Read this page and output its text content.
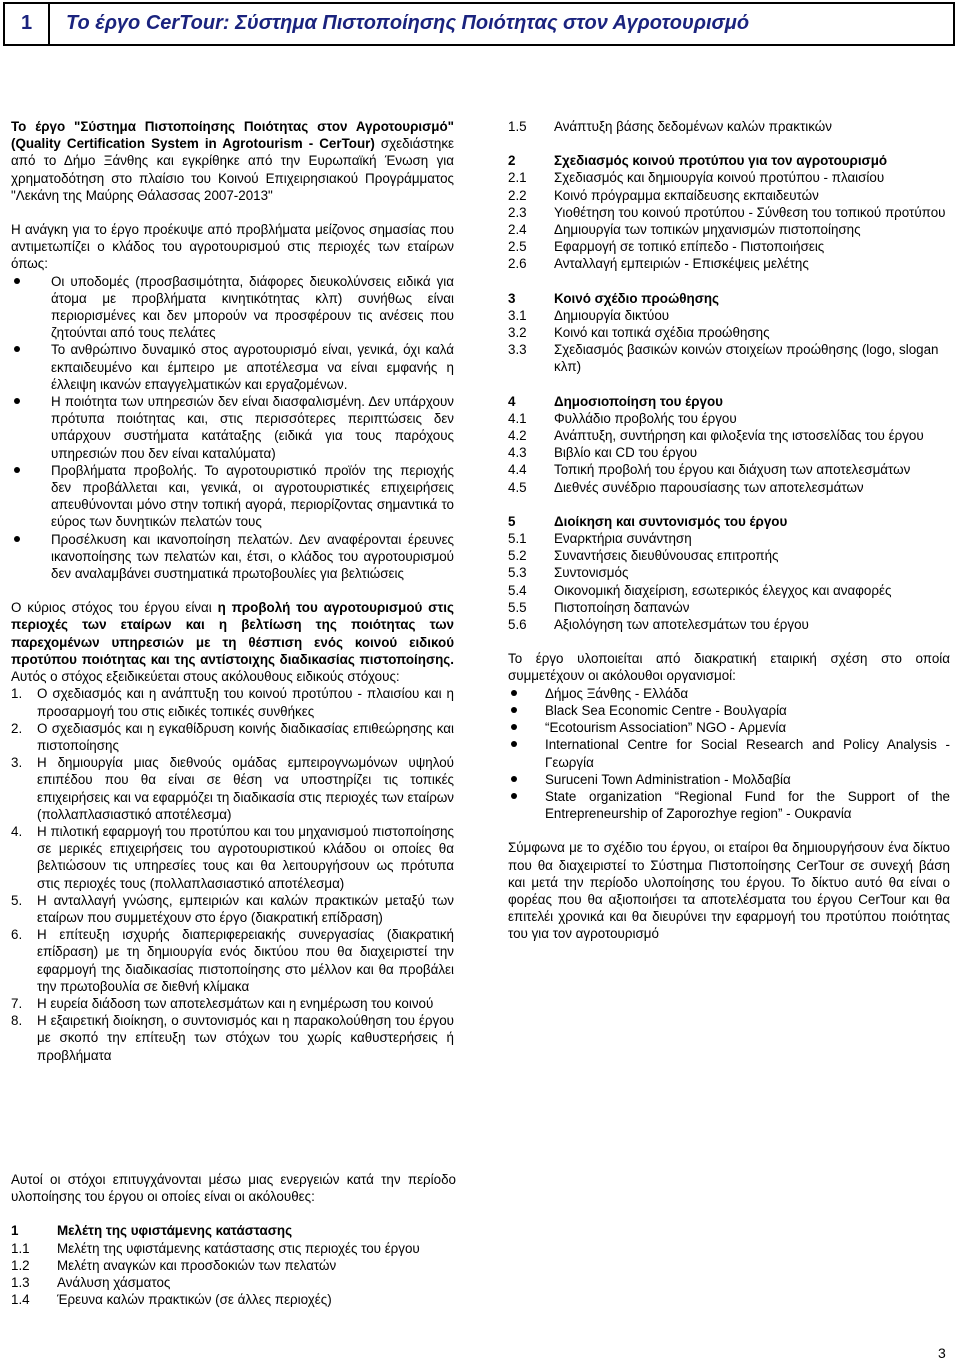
1	Το έργο CerTour: Σύστημα Πιστοποίησης Ποιότητας στον Αγροτουρισμό

Το έργο "Σύστημα Πιστοποίησης Ποιότητας στον Αγροτουρισμό" (Quality Certification System in Agrotourism - CerTour) σχεδιάστηκε από το Δήμο Ξάνθης και εγκρίθηκε από την Ευρωπαϊκή Ένωση για χρηματοδότηση στο πλαίσιο του Κοινού Επιχειρησιακού Προγράμματος "Λεκάνη της Μαύρης Θάλασσας 2007-2013"

Η ανάγκη για το έργο προέκυψε από προβλήματα μείζονος σημασίας που αντιμετωπίζει ο κλάδος του αγροτουρισμού στις περιοχές των εταίρων όπως:

Οι υποδομές (προσβασιμότητα, διάφορες διευκολύνσεις ειδικά για άτομα με προβλήματα κινητικότητας κλπ) συνήθως είναι περιορισμένες και δεν μπορούν να προσφέρουν τις ανέσεις που ζητούνται από τους πελάτες
Το ανθρώπινο δυναμικό στος αγροτουρισμό είναι, γενικά, όχι καλά εκπαιδευμένο και έμπειρο με αποτέλεσμα να είναι εμφανής η έλλειψη ικανών επαγγελματικών και εργαζομένων.
Η ποιότητα των υπηρεσιών δεν είναι διασφαλισμένη. Δεν υπάρχουν πρότυπα ποιότητας και, στις περισσότερες περιπτώσεις δεν υπάρχουν συστήματα κατάταξης (ειδικά για τους παρόχους υπηρεσιών που δεν είναι καταλύματα)
Προβλήματα προβολής. Το αγροτουριστικό προϊόν της περιοχής δεν προβάλλεται και, γενικά, οι αγροτουριστικές επιχειρήσεις απευθύνονται μόνο στην τοπική αγορά, περιορίζοντας σημαντικά το εύρος των δυνητικών πελατών τους
Προσέλκυση και ικανοποίηση πελατών. Δεν αναφέρονται έρευνες ικανοποίησης των πελατών και, έτσι, ο κλάδος του αγροτουρισμού δεν αναλαμβάνει συστηματικά πρωτοβουλίες για βελτιώσεις

Ο κύριος στόχος του έργου είναι η προβολή του αγροτουρισμού στις περιοχές των εταίρων και η βελτίωση της ποιότητας των παρεχομένων υπηρεσιών με τη θέσπιση ενός κοινού ειδικού προτύπου ποιότητας και της αντίστοιχης διαδικασίας πιστοποίησης. Αυτός ο στόχος εξειδικεύεται στους ακόλουθους ειδικούς στόχους:

1.	Ο σχεδιασμός και η ανάπτυξη του κοινού προτύπου - πλαισίου και η προσαρμογή του στις ειδικές τοπικές συνθήκες
2.	Ο σχεδιασμός και η εγκαθίδρυση κοινής διαδικασίας επιθεώρησης και πιστοποίησης
3.	Η δημιουργία μιας διεθνούς ομάδας εμπειρογνωμόνων υψηλού επιπέδου που θα είναι σε θέση να υποστηρίζει τις τοπικές επιχειρήσεις και να εφαρμόζει τη διαδικασία στις περιοχές των εταίρων (πολλαπλασιαστικό αποτέλεσμα)
4.	Η πιλοτική εφαρμογή του προτύπου και του μηχανισμού πιστοποίησης σε μερικές επιχειρήσεις του αγροτουριστικού κλάδου οι οποίες θα βελτιώσουν τις υπηρεσίες τους και θα λειτουργήσουν ως πρότυπα στις περιοχές τους (πολλαπλασιαστικό αποτέλεσμα)
5.	Η ανταλλαγή γνώσης, εμπειριών και καλών πρακτικών μεταξύ των εταίρων που συμμετέχουν στο έργο (διακρατική επίδραση)
6.	Η επίτευξη ισχυρής διαπεριφερειακής συνεργασίας (διακρατική επίδραση) με τη δημιουργία ενός δικτύου που θα διαχειριστεί την εφαρμογή της διαδικασίας πιστοποίησης στο μέλλον και θα προβάλει την πρωτοβουλία σε διεθνή κλίμακα
7.	Η ευρεία διάδοση των αποτελεσμάτων και η ενημέρωση του κοινού
8.	Η εξαιρετική διοίκηση, ο συντονισμός και η παρακολούθηση του έργου με σκοπό την επίτευξη των στόχων του χωρίς καθυστερήσεις ή προβλήματα

Αυτοί οι στόχοι επιτυγχάνονται μέσω μιας ενεργειών κατά την περίοδο υλοποίησης του έργου οι οποίες είναι οι ακόλουθες:

1	Μελέτη της υφιστάμενης κατάστασης
1.1	Μελέτη της υφιστάμενης κατάστασης στις περιοχές του έργου
1.2	Μελέτη αναγκών και προσδοκιών των πελατών
1.3	Ανάλυση χάσματος
1.4	Έρευνα καλών πρακτικών (σε άλλες περιοχές)
1.5	Ανάπτυξη βάσης δεδομένων καλών πρακτικών
2	Σχεδιασμός κοινού προτύπου για τον αγροτουρισμό
2.1	Σχεδιασμός και δημιουργία κοινού προτύπου - πλαισίου
2.2	Κοινό πρόγραμμα εκπαίδευσης εκπαιδευτών
2.3	Υιοθέτηση του κοινού προτύπου - Σύνθεση του τοπικού προτύπου
2.4	Δημιουργία των τοπικών μηχανισμών πιστοποίησης
2.5	Εφαρμογή σε τοπικό επίπεδο - Πιστοποιήσεις
2.6	Ανταλλαγή εμπειριών - Επισκέψεις μελέτης
3	Κοινό σχέδιο προώθησης
3.1	Δημιουργία δικτύου
3.2	Κοινό και τοπικά σχέδια προώθησης
3.3	Σχεδιασμός βασικών κοινών στοιχείων προώθησης (logo, slogan κλπ)
4	Δημοσιοποίηση του έργου
4.1	Φυλλάδιο προβολής του έργου
4.2	Ανάπτυξη, συντήρηση και φιλοξενία της ιστοσελίδας του έργου
4.3	Βιβλίο και CD του έργου
4.4	Τοπική προβολή του έργου και διάχυση των αποτελεσμάτων
4.5	Διεθνές συνέδριο παρουσίασης των αποτελεσμάτων
5	Διοίκηση και συντονισμός του έργου
5.1	Εναρκτήρια συνάντηση
5.2	Συναντήσεις διευθύνουσας επιτροπής
5.3	Συντονισμός
5.4	Οικονομική διαχείριση, εσωτερικός έλεγχος και αναφορές
5.5	Πιστοποίηση δαπανών
5.6	Αξιολόγηση των αποτελεσμάτων του έργου

Το έργο υλοποιείται από διακρατική εταιρική σχέση στο οποία συμμετέχουν οι ακόλουθοι οργανισμοί:

Δήμος Ξάνθης - Ελλάδα
Black Sea Economic Centre - Βουλγαρία
“Ecotourism Association” NGO - Αρμενία
International Centre for Social Research and Policy Analysis - Γεωργία
Suruceni Town Administration - Μολδαβία
State organization “Regional Fund for the Support of the Entrepreneurship of Zaporozhye region” - Ουκρανία

Σύμφωνα με το σχέδιο του έργου, οι εταίροι θα δημιουργήσουν ένα δίκτυο που θα διαχειριστεί το Σύστημα Πιστοποίησης CerTour σε συνεχή βάση και μετά την περίοδο υλοποίησης του έργου. Το δίκτυο αυτό θα είναι ο φορέας που θα αξιοποιήσει τα αποτελέσματα του έργου CerTour και θα επιτελέι χρονικά και θα διευρύνει την εφαρμογή του προτύπου ποιότητας του για τον αγροτουρισμό

3
